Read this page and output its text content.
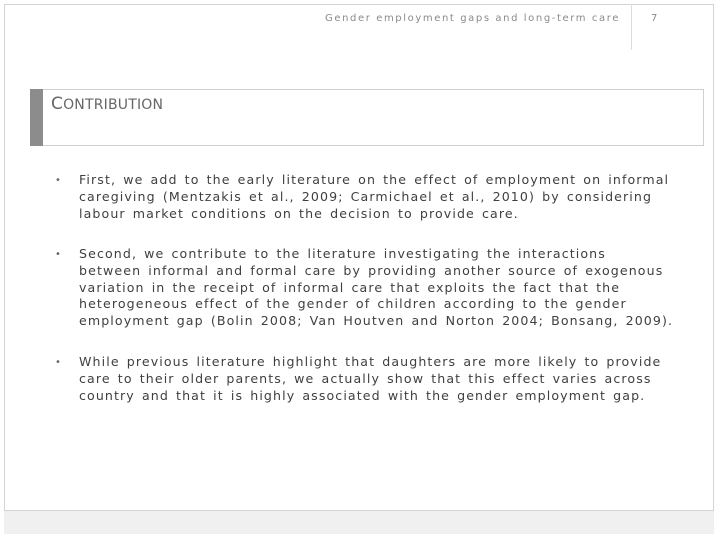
Gender employment gaps and long-term care	7
CONTRIBUTION
• First, we add to the early literature on the effect of employment on informal
caregiving (Mentzakis et al., 2009; Carmichael et al., 2010) by considering
labour market conditions on the decision to provide care.
• Second, we contribute to the literature investigating the interactions
between informal and formal care by providing another source of exogenous
variation in the receipt of informal care that exploits the fact that the
heterogeneous effect of the gender of children according to the gender
employment gap (Bolin 2008; Van Houtven and Norton 2004; Bonsang, 2009).
• While previous literature highlight that daughters are more likely to provide
care to their older parents, we actually show that this effect varies across
country and that it is highly associated with the gender employment gap.
